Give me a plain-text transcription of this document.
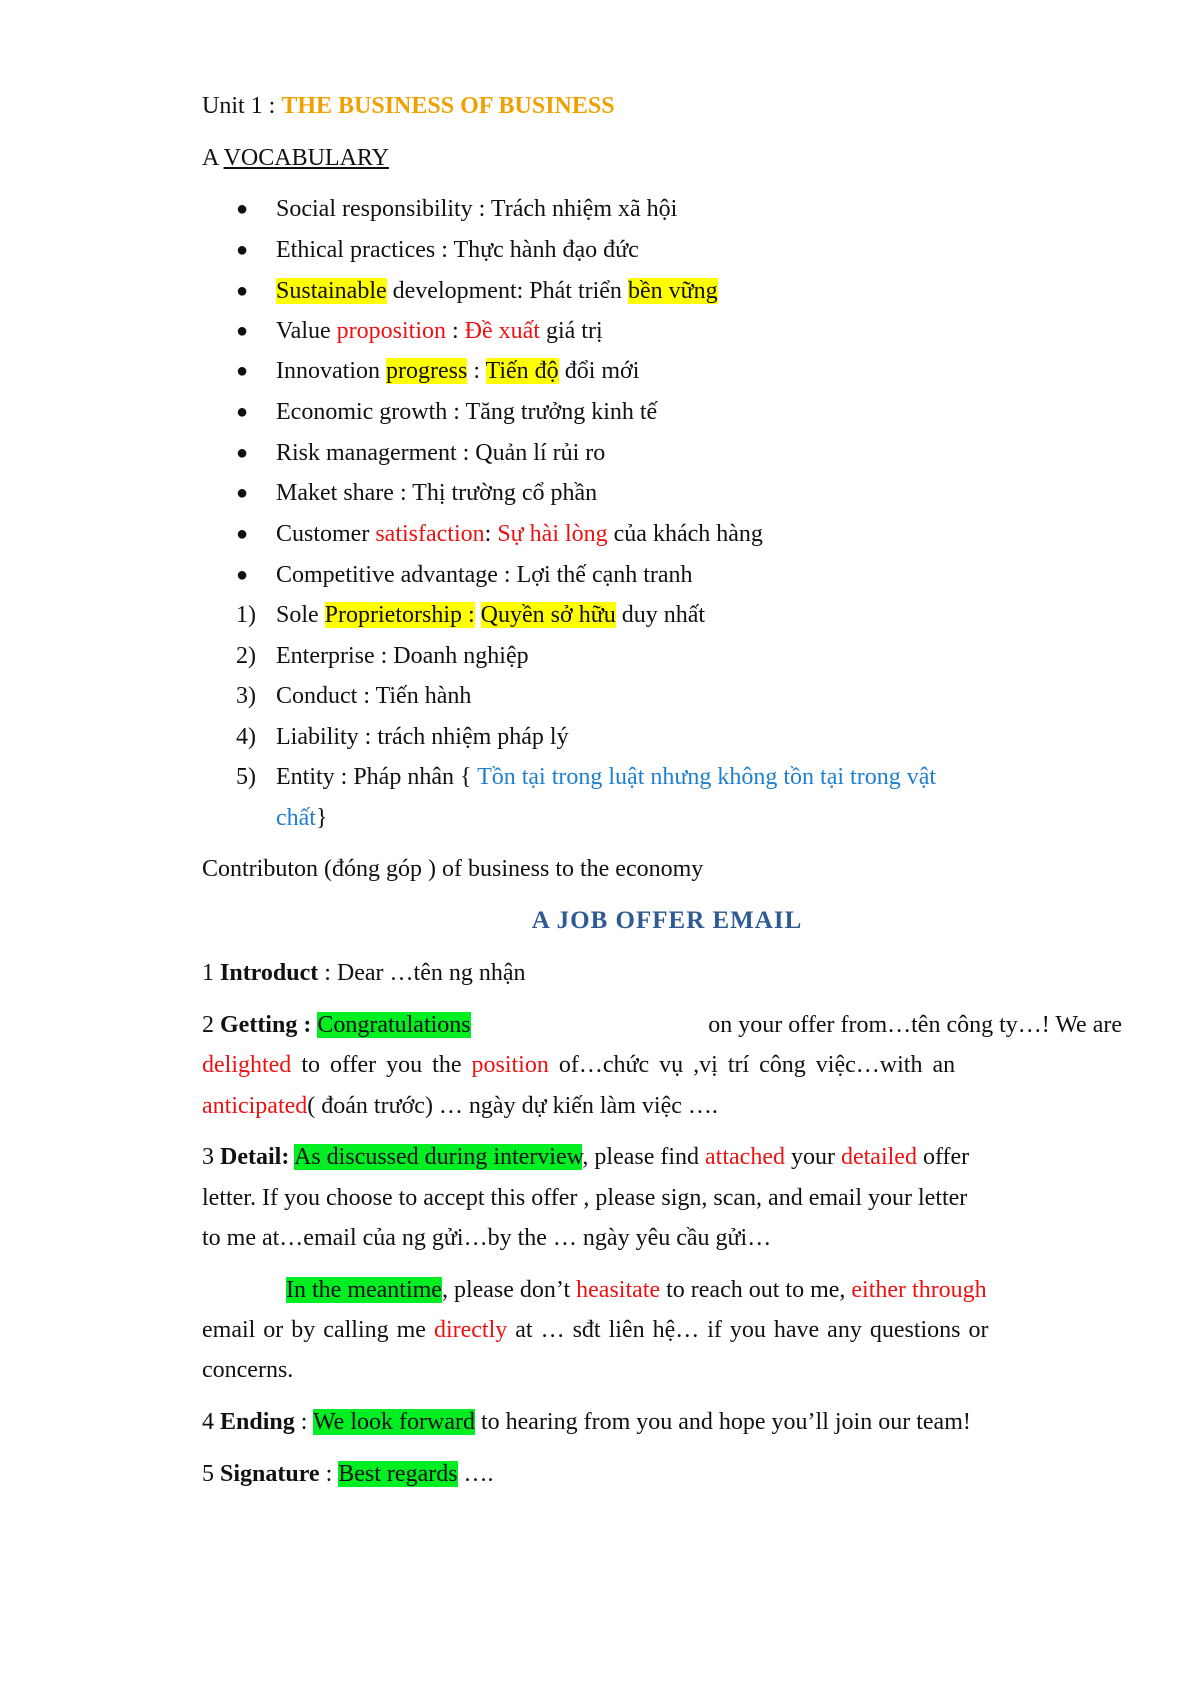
Unit 1 : THE BUSINESS OF BUSINESS
A VOCABULARY
● Social responsibility : Trách nhiệm xã hội
● Ethical practices : Thực hành đạo đức
● Sustainable development: Phát triển bền vững
● Value proposition : Đề xuất giá trị
● Innovation progress : Tiến độ đổi mới
● Economic growth : Tăng trưởng kinh tế
● Risk managerment : Quản lí rủi ro
● Maket share : Thị trường cổ phần
● Customer satisfaction: Sự hài lòng của khách hàng
● Competitive advantage : Lợi thế cạnh tranh
1) Sole Proprietorship : Quyền sở hữu duy nhất
2) Enterprise : Doanh nghiệp
3) Conduct : Tiến hành
4) Liability : trách nhiệm pháp lý
5) Entity : Pháp nhân { Tồn tại trong luật nhưng không tồn tại trong vật
chất}
Contributon (đóng góp ) of business to the economy
A JOB OFFER EMAIL
1 Introduct : Dear …tên ng nhận
2 Getting : Congratulations	on your offer from…tên công ty…! We are
delighted to offer you the position of…chức vụ ,vị trí công việc…with an
anticipated( đoán trước) … ngày dự kiến làm việc ….
3 Detail: As discussed during interview, please find attached your detailed offer
letter. If you choose to accept this offer , please sign, scan, and email your letter
to me at…email của ng gửi…by the … ngày yêu cầu gửi…
In the meantime, please don’t heasitate to reach out to me, either through
email or by calling me directly at … sđt liên hệ… if you have any questions or
concerns.
4 Ending : We look forward to hearing from you and hope you’ll join our team!
5 Signature : Best regards ….
